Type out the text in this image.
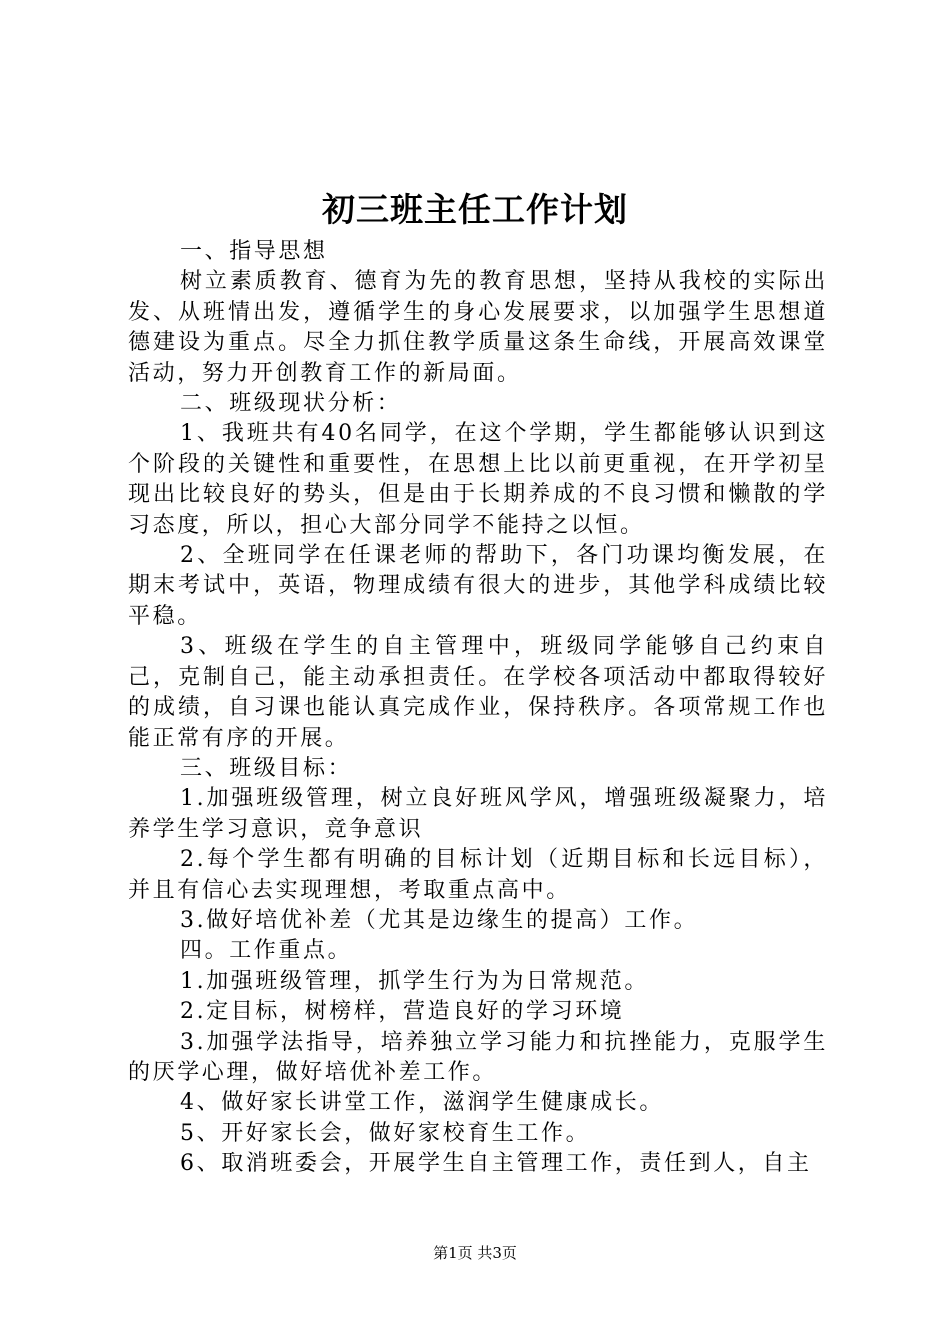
初三班主任工作计划

一、指导思想

树立素质教育、德育为先的教育思想，坚持从我校的实际出发、从班情出发，遵循学生的身心发展要求，以加强学生思想道德建设为重点。尽全力抓住教学质量这条生命线，开展高效课堂活动，努力开创教育工作的新局面。

二、班级现状分析：

1、我班共有40名同学，在这个学期，学生都能够认识到这个阶段的关键性和重要性，在思想上比以前更重视，在开学初呈现出比较良好的势头，但是由于长期养成的不良习惯和懒散的学习态度，所以，担心大部分同学不能持之以恒。

2、全班同学在任课老师的帮助下，各门功课均衡发展，在期末考试中，英语，物理成绩有很大的进步，其他学科成绩比较平稳。

3、班级在学生的自主管理中，班级同学能够自己约束自己，克制自己，能主动承担责任。在学校各项活动中都取得较好的成绩，自习课也能认真完成作业，保持秩序。各项常规工作也能正常有序的开展。

三、班级目标：

1.加强班级管理，树立良好班风学风，增强班级凝聚力，培养学生学习意识，竞争意识

2.每个学生都有明确的目标计划（近期目标和长远目标），并且有信心去实现理想，考取重点高中。

3.做好培优补差（尤其是边缘生的提高）工作。

四。工作重点。

1.加强班级管理，抓学生行为为日常规范。

2.定目标，树榜样，营造良好的学习环境

3.加强学法指导，培养独立学习能力和抗挫能力，克服学生的厌学心理，做好培优补差工作。

4、做好家长讲堂工作，滋润学生健康成长。

5、开好家长会，做好家校育生工作。

6、取消班委会，开展学生自主管理工作，责任到人，自主

第1页 共3页
